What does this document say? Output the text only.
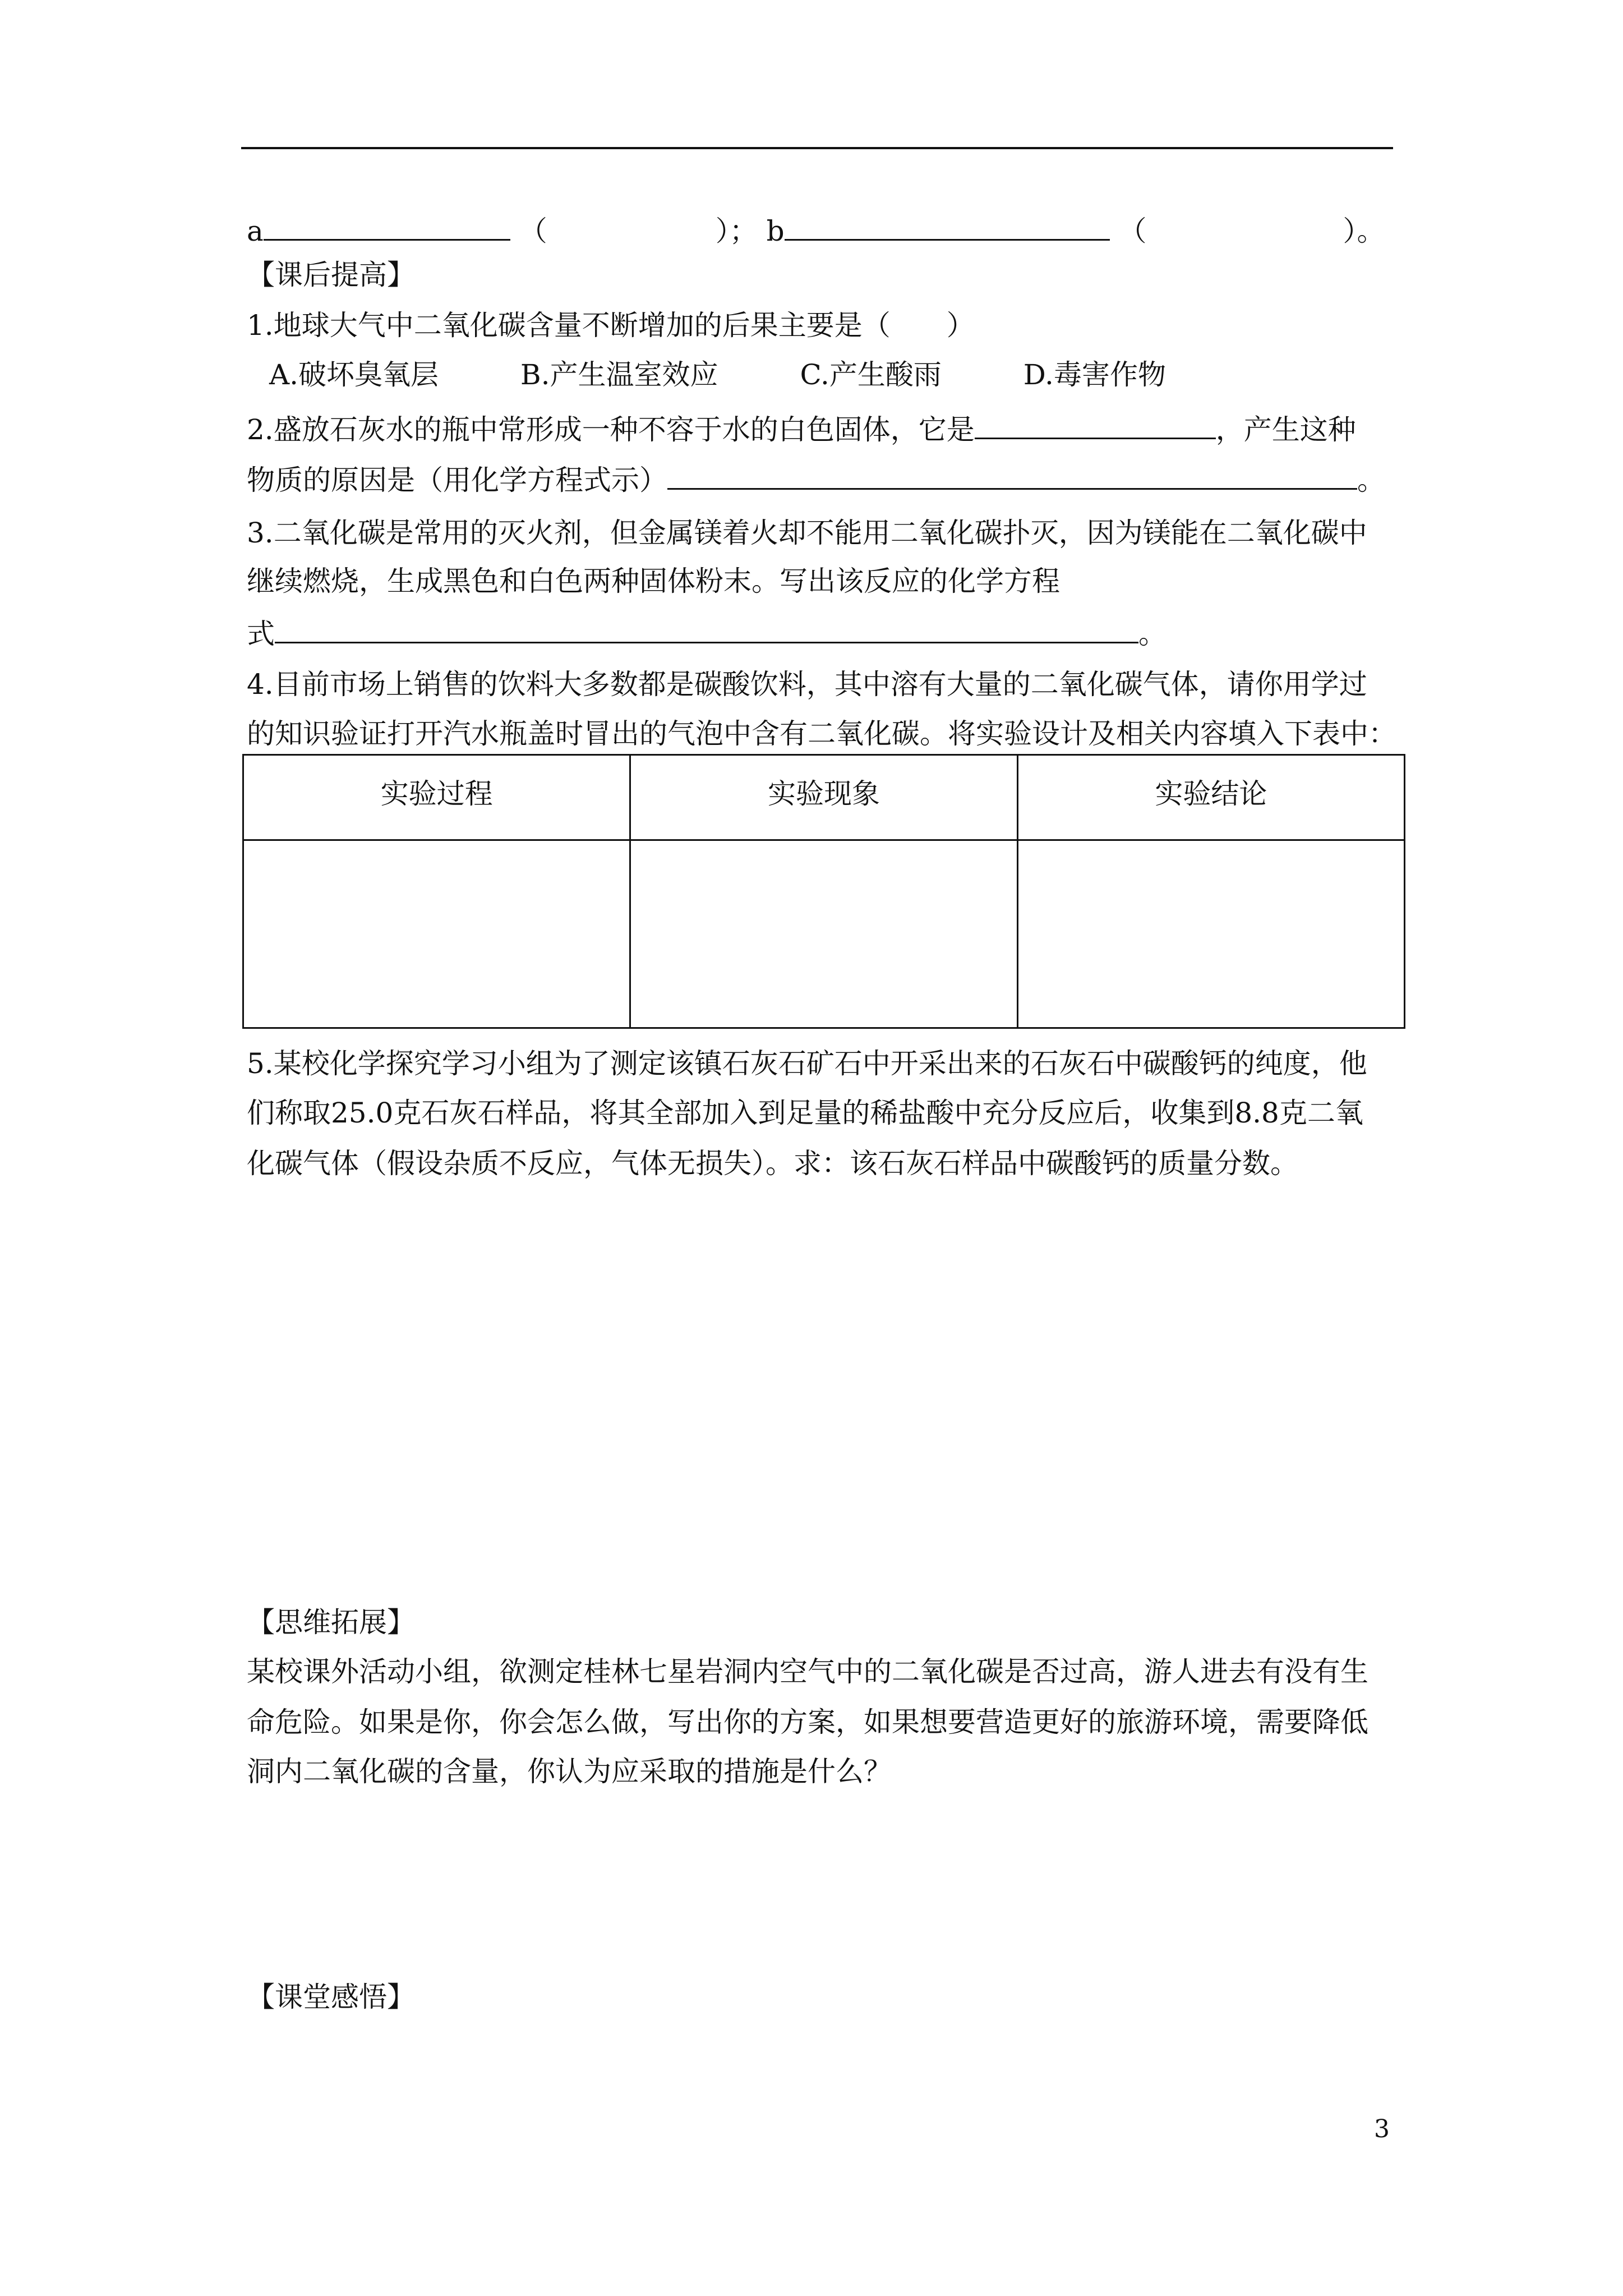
a	（　　　　　　）； b	（　　　　　　　）。
【课后提高】
1.地球大气中二氧化碳含量不断增加的后果主要是（　　）
A.破坏臭氧层	B.产生温室效应	C.产生酸雨	D.毒害作物
2.盛放石灰水的瓶中常形成一种不容于水的白色固体，它是	，产生这种
物质的原因是（用化学方程式示）	。
3.二氧化碳是常用的灭火剂，但金属镁着火却不能用二氧化碳扑灭，因为镁能在二氧化碳中
继续燃烧，生成黑色和白色两种固体粉末。写出该反应的化学方程
式	。
4.目前市场上销售的饮料大多数都是碳酸饮料，其中溶有大量的二氧化碳气体，请你用学过
的知识验证打开汽水瓶盖时冒出的气泡中含有二氧化碳。将实验设计及相关内容填入下表中：
实验过程	实验现象	实验结论

5.某校化学探究学习小组为了测定该镇石灰石矿石中开采出来的石灰石中碳酸钙的纯度，他
们称取25.0克石灰石样品，将其全部加入到足量的稀盐酸中充分反应后，收集到8.8克二氧
化碳气体（假设杂质不反应，气体无损失）。求：该石灰石样品中碳酸钙的质量分数。
【思维拓展】
某校课外活动小组，欲测定桂林七星岩洞内空气中的二氧化碳是否过高，游人进去有没有生
命危险。如果是你，你会怎么做，写出你的方案，如果想要营造更好的旅游环境，需要降低
洞内二氧化碳的含量，你认为应采取的措施是什么？
【课堂感悟】
3
